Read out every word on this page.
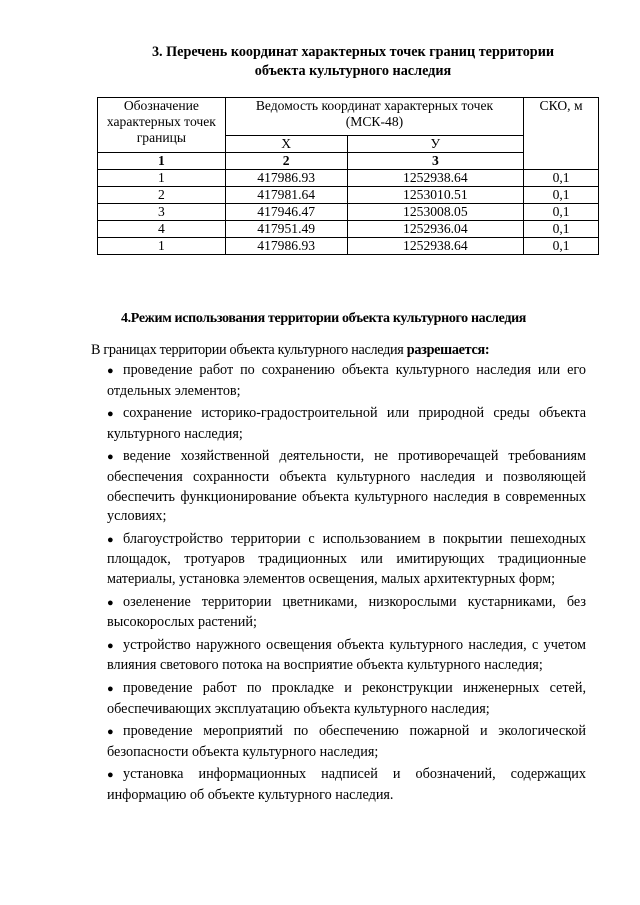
3. Перечень координат характерных точек границ территории
объекта культурного наследия
Обозначение характерных точек границы	Ведомость координат характерных точек (МСК-48)		СКО, м
	Х	У	
1	2	3	
1	417986.93	1252938.64	0,1
2	417981.64	1253010.51	0,1
3	417946.47	1253008.05	0,1
4	417951.49	1252936.04	0,1
1	417986.93	1252938.64	0,1
4.Режим использования территории объекта культурного наследия

В границах территории объекта культурного наследия разрешается:

● проведение работ по сохранению объекта культурного наследия или его отдельных элементов;
● сохранение историко-градостроительной или природной среды объекта культурного наследия;
● ведение хозяйственной деятельности, не противоречащей требованиям обеспечения сохранности объекта культурного наследия и позволяющей обеспечить функционирование объекта культурного наследия в современных условиях;
● благоустройство территории с использованием в покрытии пешеходных площадок, тротуаров традиционных или имитирующих традиционные материалы, установка элементов освещения, малых архитектурных форм;
● озеленение территории цветниками, низкорослыми кустарниками, без высокорослых растений;
● устройство наружного освещения объекта культурного наследия, с учетом влияния светового потока на восприятие объекта культурного наследия;
● проведение работ по прокладке и реконструкции инженерных сетей, обеспечивающих эксплуатацию объекта культурного наследия;
● проведение мероприятий по обеспечению пожарной и экологической безопасности объекта культурного наследия;
● установка информационных надписей и обозначений, содержащих информацию об объекте культурного наследия.
